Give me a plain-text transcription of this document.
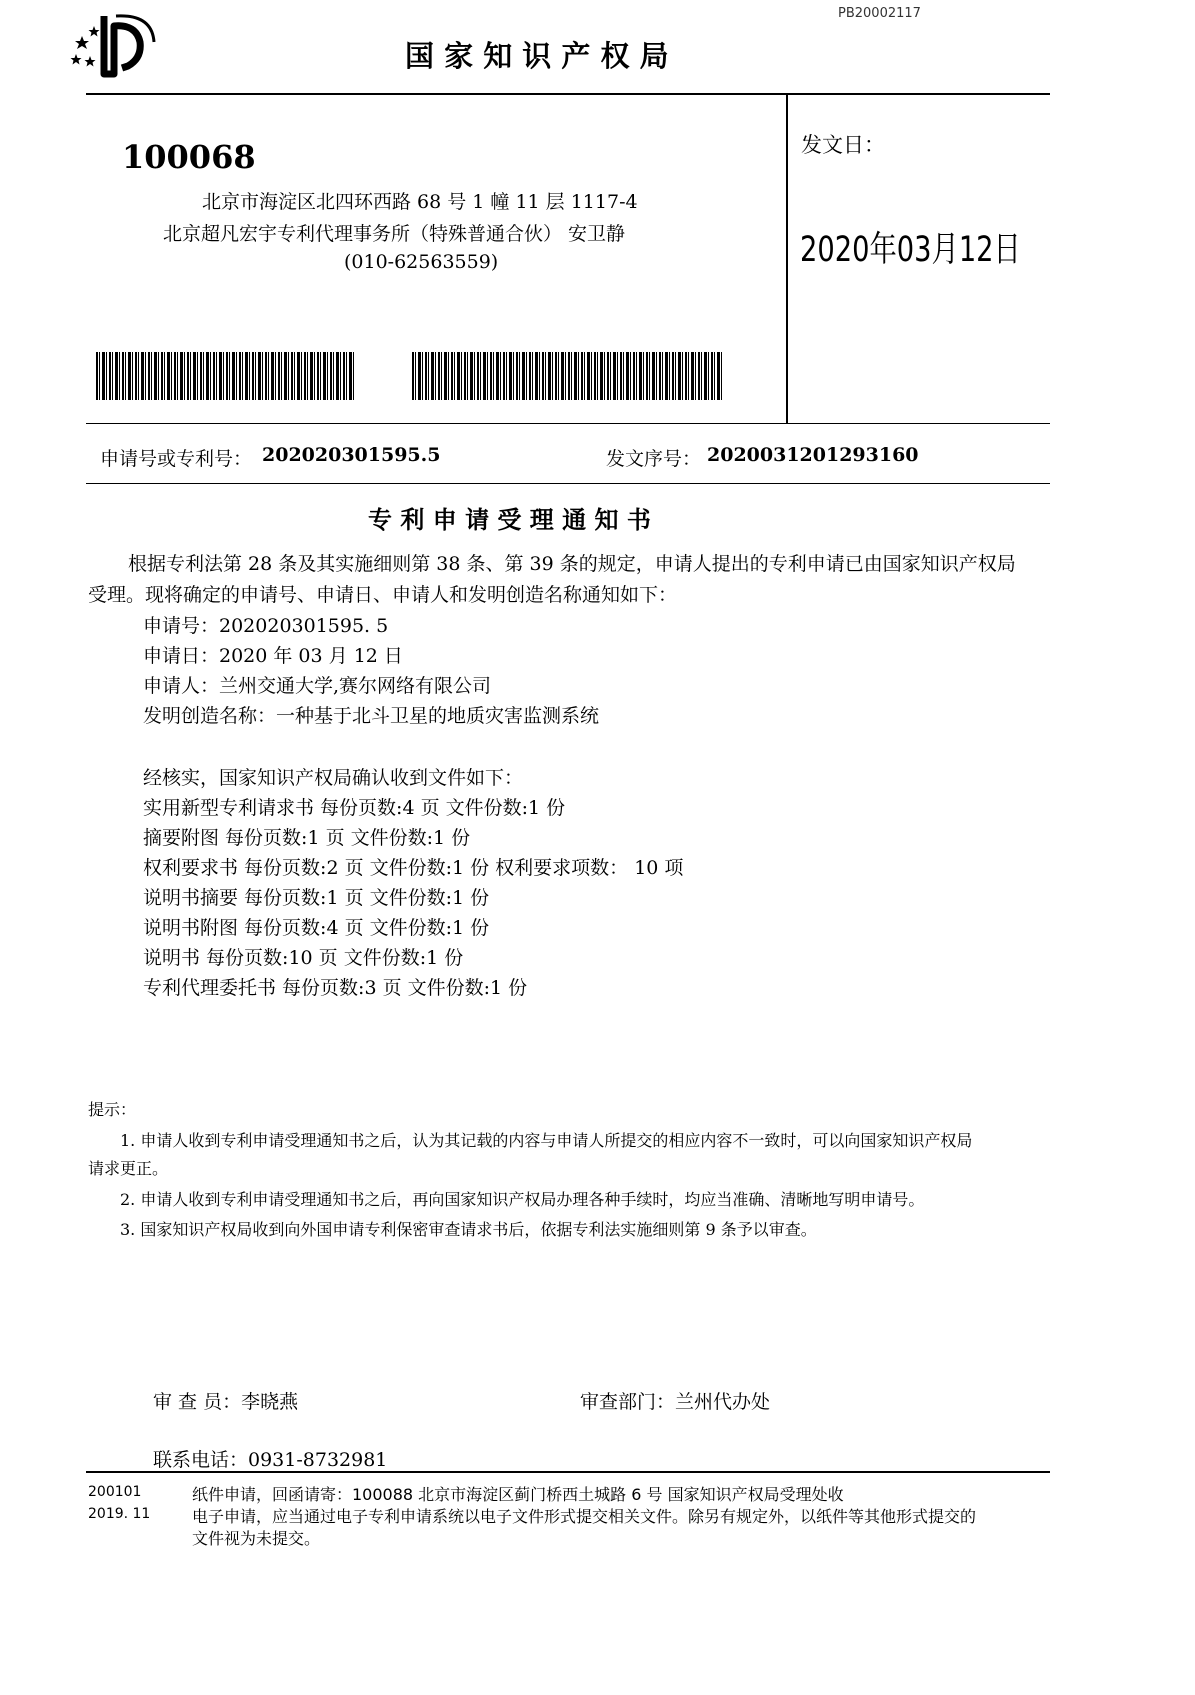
PB20002117
国 家 知 识 产 权 局
100068
北京市海淀区北四环西路 68 号 1 幢 11 层 1117-4
北京超凡宏宇专利代理事务所（特殊普通合伙） 安卫静
(010-62563559)
发文日：
2020年03月12日
申请号或专利号： 202020301595.5	发文序号： 2020031201293160
专 利 申 请 受 理 通 知 书
根据专利法第 28 条及其实施细则第 38 条、第 39 条的规定，申请人提出的专利申请已由国家知识产权局
受理。现将确定的申请号、申请日、申请人和发明创造名称通知如下：
申请号：202020301595. 5
申请日：2020 年 03 月 12 日
申请人：兰州交通大学,赛尔网络有限公司
发明创造名称：一种基于北斗卫星的地质灾害监测系统
经核实，国家知识产权局确认收到文件如下：
实用新型专利请求书 每份页数:4 页 文件份数:1 份
摘要附图 每份页数:1 页 文件份数:1 份
权利要求书 每份页数:2 页 文件份数:1 份 权利要求项数： 10 项
说明书摘要 每份页数:1 页 文件份数:1 份
说明书附图 每份页数:4 页 文件份数:1 份
说明书 每份页数:10 页 文件份数:1 份
专利代理委托书 每份页数:3 页 文件份数:1 份
提示：
1. 申请人收到专利申请受理通知书之后，认为其记载的内容与申请人所提交的相应内容不一致时，可以向国家知识产权局
请求更正。
2. 申请人收到专利申请受理通知书之后，再向国家知识产权局办理各种手续时，均应当准确、清晰地写明申请号。
3. 国家知识产权局收到向外国申请专利保密审查请求书后，依据专利法实施细则第 9 条予以审查。
审 查 员：李晓燕	审查部门：兰州代办处
联系电话：0931-8732981
200101
2019. 11
纸件申请，回函请寄：100088 北京市海淀区蓟门桥西土城路 6 号 国家知识产权局受理处收
电子申请，应当通过电子专利申请系统以电子文件形式提交相关文件。除另有规定外，以纸件等其他形式提交的
文件视为未提交。
